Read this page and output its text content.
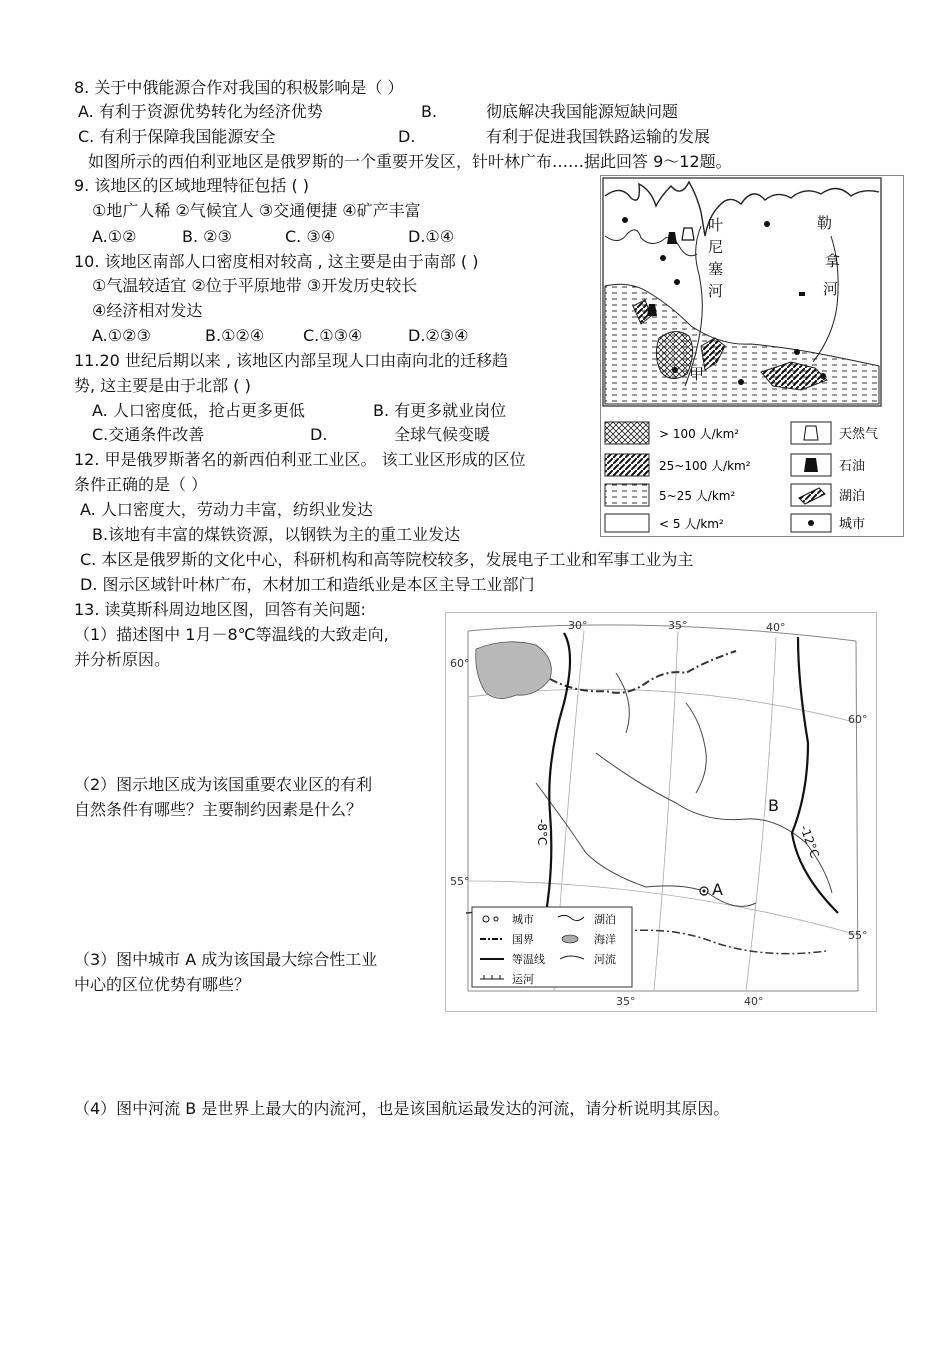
8. 关于中俄能源合作对我国的积极影响是（ ）
A. 有利于资源优势转化为经济优势	B.	彻底解决我国能源短缺问题
C. 有利于保障我国能源安全	D.	有利于促进我国铁路运输的发展
如图所示的西伯利亚地区是俄罗斯的一个重要开发区，针叶林广布……据此回答 9～12题。
9. 该地区的区域地理特征包括 ( )
①地广人稀 ②气候宜人 ③交通便捷 ④矿产丰富
A.①②	B. ②③	C. ③④	D.①④
10. 该地区南部人口密度相对较高 , 这主要是由于南部 ( )
①气温较适宜 ②位于平原地带 ③开发历史较长
④经济相对发达
A.①②③	B.①②④ C.①③④	D.②③④
11.20 世纪后期以来 , 该地区内部呈现人口由南向北的迁移趋
势, 这主要是由于北部 ( )
A. 人口密度低，抢占更多更低	B. 有更多就业岗位
C.交通条件改善	D.	全球气候变暖
12. 甲是俄罗斯著名的新西伯利亚工业区。 该工业区形成的区位
条件正确的是（ ）
A. 人口密度大，劳动力丰富，纺织业发达
B.该地有丰富的煤铁资源，以钢铁为主的重工业发达
C. 本区是俄罗斯的文化中心，科研机构和高等院校较多，发展电子工业和军事工业为主
D. 图示区域针叶林广布，木材加工和造纸业是本区主导工业部门
13. 读莫斯科周边地区图，回答有关问题:
（1）描述图中 1月－8℃等温线的大致走向,
并分析原因。
（2）图示地区成为该国重要农业区的有利
自然条件有哪些？主要制约因素是什么？
（3）图中城市 A 成为该国最大综合性工业
中心的区位优势有哪些？
（4）图中河流 B 是世界上最大的内流河，也是该国航运最发达的河流，请分析说明其原因。
叶
尼
塞
河
勒
拿
河
甲
> 100 人/km²
25~100 人/km²
5~25 人/km²
< 5 人/km²
天然气
石油
湖泊
城市
30°	35°	40°
35°	40°
60°
60°
55°
55°
-8°C	-12°C
A
B
城市	湖泊
国界	海洋
等温线	河流
运河
